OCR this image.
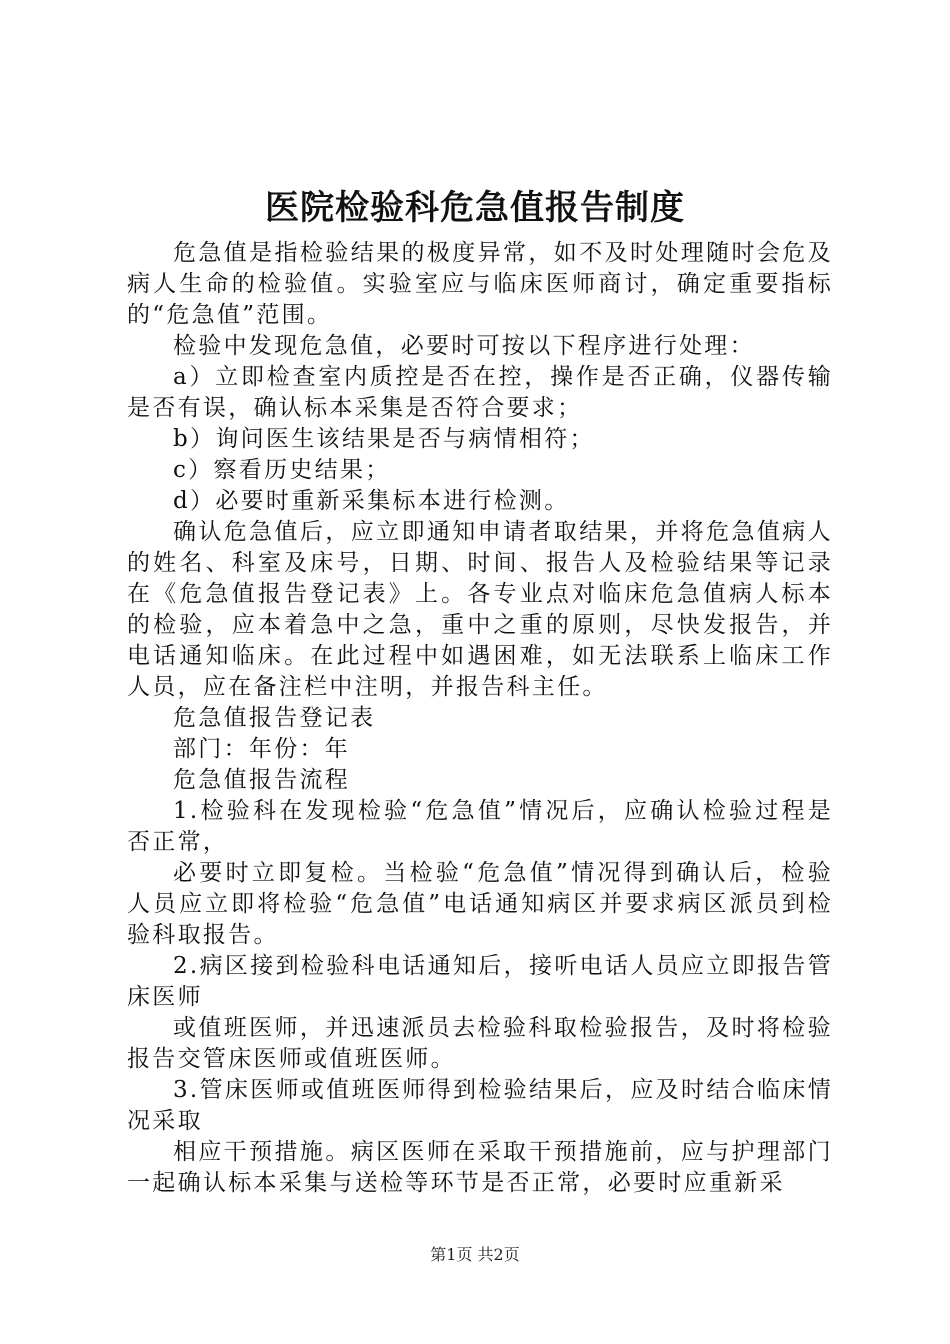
医院检验科危急值报告制度

危急值是指检验结果的极度异常，如不及时处理随时会危及病人生命的检验值。实验室应与临床医师商讨，确定重要指标的“危急值”范围。

检验中发现危急值，必要时可按以下程序进行处理：

a）立即检查室内质控是否在控，操作是否正确，仪器传输是否有误，确认标本采集是否符合要求；

b）询问医生该结果是否与病情相符；

c）察看历史结果；

d）必要时重新采集标本进行检测。

确认危急值后，应立即通知申请者取结果，并将危急值病人的姓名、科室及床号，日期、时间、报告人及检验结果等记录在《危急值报告登记表》上。各专业点对临床危急值病人标本的检验，应本着急中之急，重中之重的原则，尽快发报告，并电话通知临床。在此过程中如遇困难，如无法联系上临床工作人员，应在备注栏中注明，并报告科主任。

危急值报告登记表

部门：年份：年

危急值报告流程

1.检验科在发现检验“危急值”情况后，应确认检验过程是否正常，

必要时立即复检。当检验“危急值”情况得到确认后，检验人员应立即将检验“危急值”电话通知病区并要求病区派员到检验科取报告。

2.病区接到检验科电话通知后，接听电话人员应立即报告管床医师

或值班医师，并迅速派员去检验科取检验报告，及时将检验报告交管床医师或值班医师。

3.管床医师或值班医师得到检验结果后，应及时结合临床情况采取

相应干预措施。病区医师在采取干预措施前，应与护理部门一起确认标本采集与送检等环节是否正常，必要时应重新采

第1页 共2页
